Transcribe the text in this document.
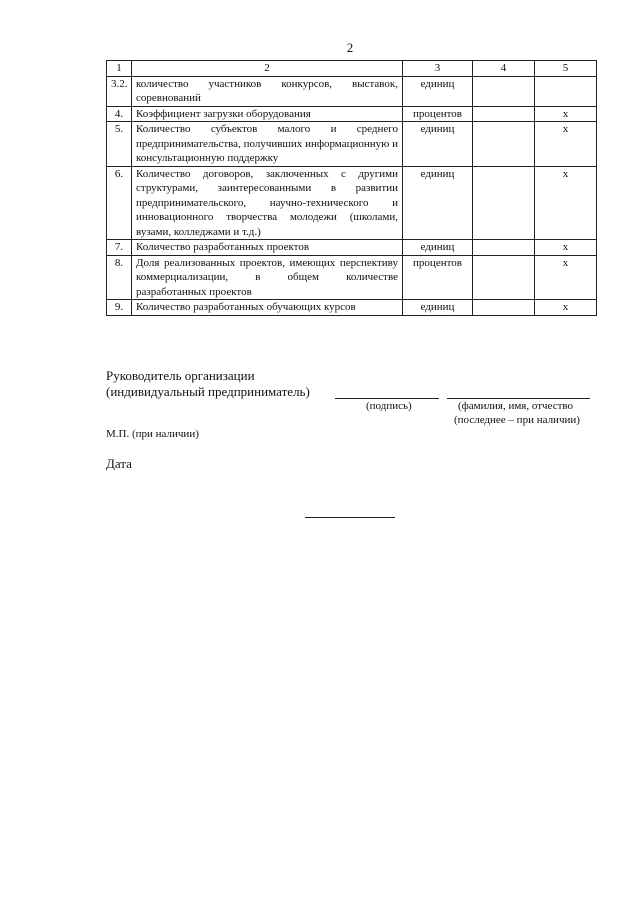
2
1	2	3	4	5
3.2.	количество участников конкурсов, выставок, соревнований	единиц		
4.	Коэффициент загрузки оборудования	процентов		х
5.	Количество субъектов малого и среднего предпринимательства, получивших информационную и консультационную поддержку	единиц		х
6.	Количество договоров, заключенных с другими структурами, заинтересованными в развитии предпринимательского, научно-технического и инновационного творчества молодежи (школами, вузами, колледжами и т.д.)	единиц		х
7.	Количество разработанных проектов	единиц		х
8.	Доля реализованных проектов, имеющих перспективу коммерциализации, в общем количестве разработанных проектов	процентов		х
9.	Количество разработанных обучающих курсов	единиц		х
Руководитель организации
(индивидуальный предприниматель)
(подпись)	(фамилия, имя, отчество
(последнее – при наличии)
М.П. (при наличии)
Дата
